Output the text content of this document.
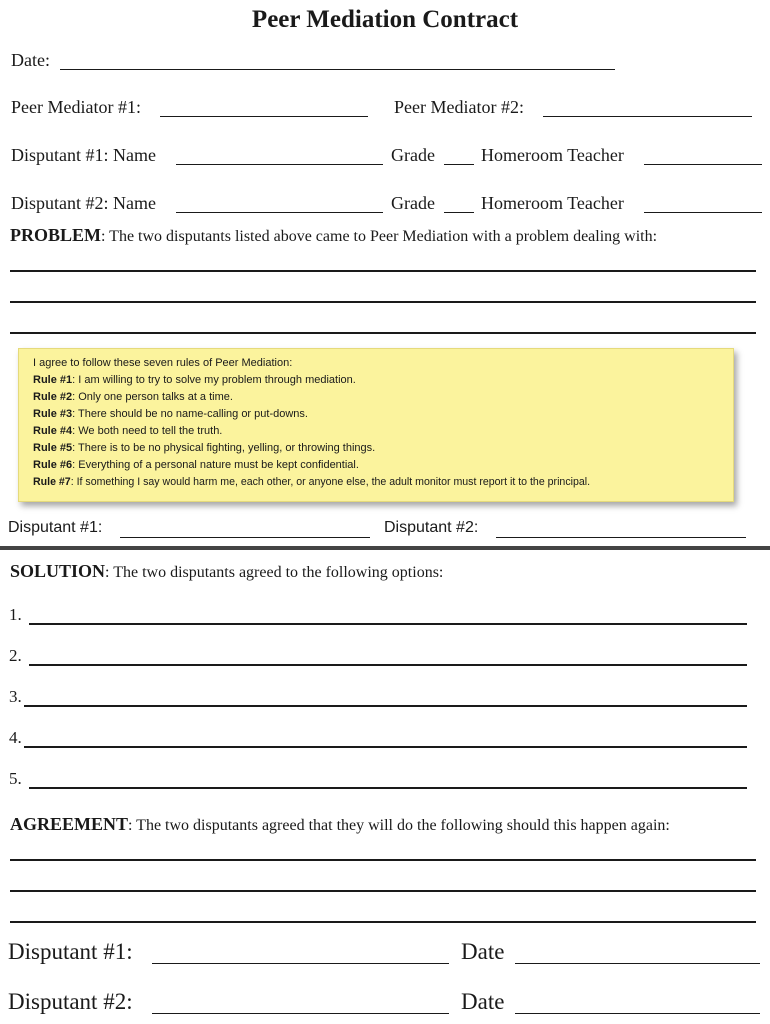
Peer Mediation Contract
Date:
Peer Mediator #1:	Peer Mediator #2:
Disputant #1: Name	Grade	Homeroom Teacher
Disputant #2: Name	Grade	Homeroom Teacher
PROBLEM: The two disputants listed above came to Peer Mediation with a problem dealing with:
I agree to follow these seven rules of Peer Mediation:
Rule #1: I am willing to try to solve my problem through mediation.
Rule #2: Only one person talks at a time.
Rule #3: There should be no name-calling or put-downs.
Rule #4: We both need to tell the truth.
Rule #5: There is to be no physical fighting, yelling, or throwing things.
Rule #6: Everything of a personal nature must be kept confidential.
Rule #7: If something I say would harm me, each other, or anyone else, the adult monitor must report it to the principal.
Disputant #1:	Disputant #2:
SOLUTION: The two disputants agreed to the following options:
1.
2.
3.
4.
5.
AGREEMENT: The two disputants agreed that they will do the following should this happen again:
Disputant #1:	Date
Disputant #2:	Date
